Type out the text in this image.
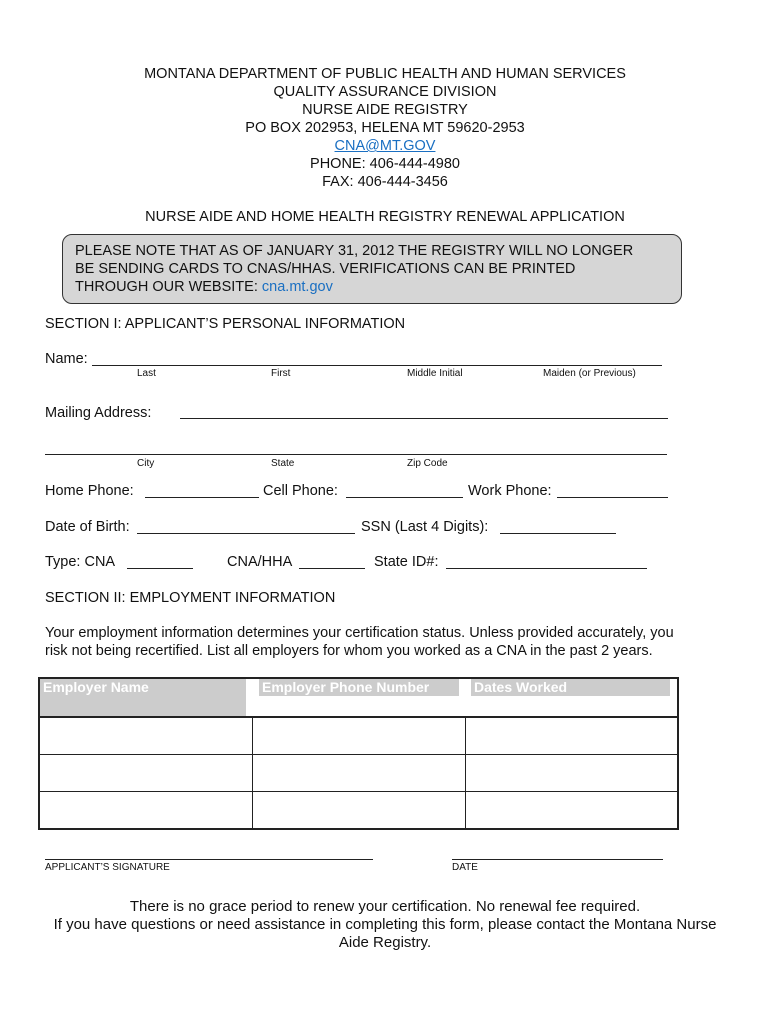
MONTANA DEPARTMENT OF PUBLIC HEALTH AND HUMAN SERVICES
QUALITY ASSURANCE DIVISION
NURSE AIDE REGISTRY
PO BOX 202953, HELENA MT 59620-2953
CNA@MT.GOV
PHONE: 406-444-4980
FAX: 406-444-3456
NURSE AIDE AND HOME HEALTH REGISTRY RENEWAL APPLICATION
PLEASE NOTE THAT AS OF JANUARY 31, 2012 THE REGISTRY WILL NO LONGER
BE SENDING CARDS TO CNAS/HHAS. VERIFICATIONS CAN BE PRINTED
THROUGH OUR WEBSITE: cna.mt.gov
SECTION I: APPLICANT’S PERSONAL INFORMATION
Name:
Last	First	Middle Initial	Maiden (or Previous)
Mailing Address:
City	State	Zip Code
Home Phone:	Cell Phone:	Work Phone:
Date of Birth:	SSN (Last 4 Digits):
Type: CNA	CNA/HHA	State ID#:
SECTION II: EMPLOYMENT INFORMATION
Your employment information determines your certification status. Unless provided accurately, you
risk not being recertified. List all employers for whom you worked as a CNA in the past 2 years.
Employer Name	Employer Phone Number	Dates Worked

APPLICANT’S SIGNATURE	DATE
There is no grace period to renew your certification. No renewal fee required.
If you have questions or need assistance in completing this form, please contact the Montana Nurse
Aide Registry.
